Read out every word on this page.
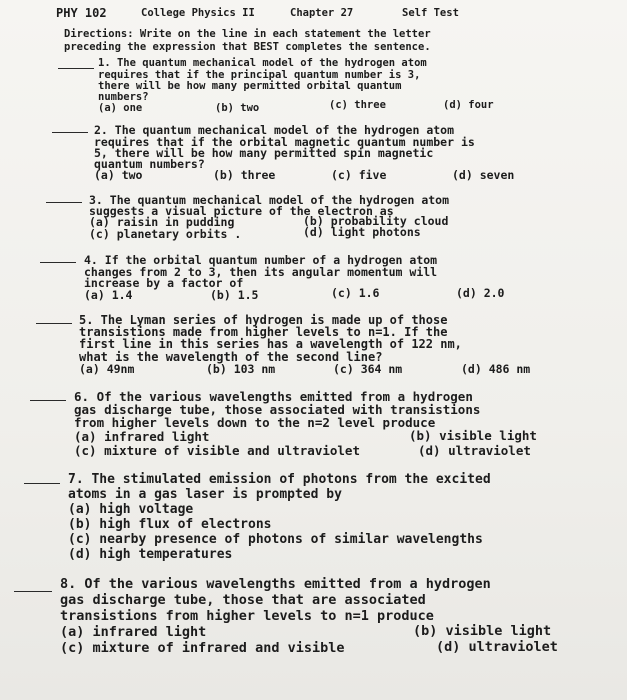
PHY 102	College Physics II	Chapter 27	Self Test
Directions: Write on the line in each statement the letter
preceding the expression that BEST completes the sentence.
1. The quantum mechanical model of the hydrogen atom
requires that if the principal quantum number is 3,
there will be how many permitted orbital quantum
numbers?
(a) one	(b) two	(c) three	(d) four
2. The quantum mechanical model of the hydrogen atom
requires that if the orbital magnetic quantum number is
5, there will be how many permitted spin magnetic
quantum numbers?
(a) two	(b) three	(c) five	(d) seven
3. The quantum mechanical model of the hydrogen atom
suggests a visual picture of the electron as
(a) raisin in pudding	(b) probability cloud
(c) planetary orbits .	(d) light photons
4. If the orbital quantum number of a hydrogen atom
changes from 2 to 3, then its angular momentum will
increase by a factor of
(a) 1.4	(b) 1.5	(c) 1.6	(d) 2.0
5. The Lyman series of hydrogen is made up of those
transistions made from higher levels to n=1. If the
first line in this series has a wavelength of 122 nm,
what is the wavelength of the second line?
(a) 49nm	(b) 103 nm	(c) 364 nm	(d) 486 nm
6. Of the various wavelengths emitted from a hydrogen
gas discharge tube, those associated with transistions
from higher levels down to the n=2 level produce
(a) infrared light	(b) visible light
(c) mixture of visible and ultraviolet	(d) ultraviolet
7. The stimulated emission of photons from the excited
atoms in a gas laser is prompted by
(a) high voltage
(b) high flux of electrons
(c) nearby presence of photons of similar wavelengths
(d) high temperatures
8. Of the various wavelengths emitted from a hydrogen
gas discharge tube, those that are associated
transistions from higher levels to n=1 produce
(a) infrared light	(b) visible light
(c) mixture of infrared and visible	(d) ultraviolet
